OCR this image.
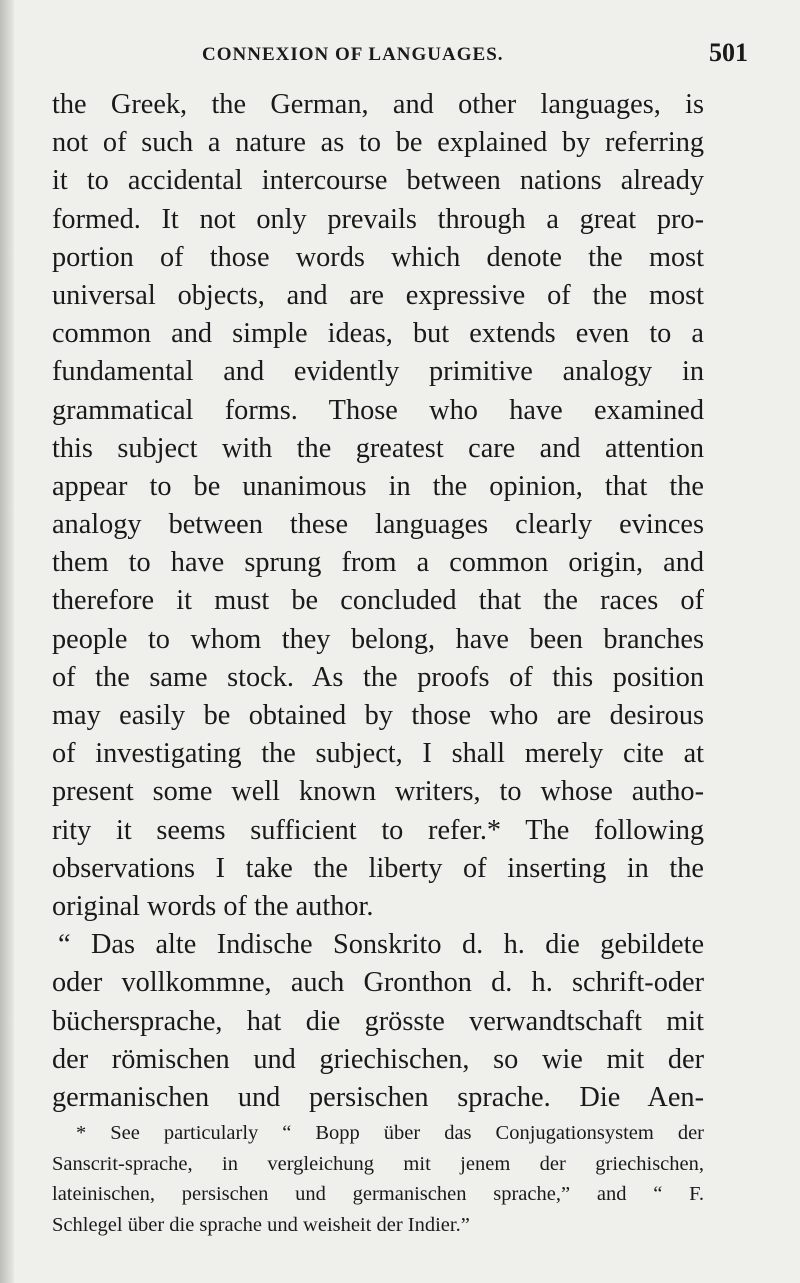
CONNEXION OF LANGUAGES.	501
the Greek, the German, and other languages, is
not of such a nature as to be explained by referring
it to accidental intercourse between nations already
formed. It not only prevails through a great pro-
portion of those words which denote the most
universal objects, and are expressive of the most
common and simple ideas, but extends even to a
fundamental and evidently primitive analogy in
grammatical forms. Those who have examined
this subject with the greatest care and attention
appear to be unanimous in the opinion, that the
analogy between these languages clearly evinces
them to have sprung from a common origin, and
therefore it must be concluded that the races of
people to whom they belong, have been branches
of the same stock. As the proofs of this position
may easily be obtained by those who are desirous
of investigating the subject, I shall merely cite at
present some well known writers, to whose autho-
rity it seems sufficient to refer.* The following
observations I take the liberty of inserting in the
original words of the author.
“ Das alte Indische Sonskrito d. h. die gebildete
oder vollkommne, auch Gronthon d. h. schrift-oder
büchersprache, hat die grösste verwandtschaft mit
der römischen und griechischen, so wie mit der
germanischen und persischen sprache. Die Aen-
* See particularly “ Bopp über das Conjugationsystem der
Sanscrit-sprache, in vergleichung mit jenem der griechischen,
lateinischen, persischen und germanischen sprache,” and “ F.
Schlegel über die sprache und weisheit der Indier.”
